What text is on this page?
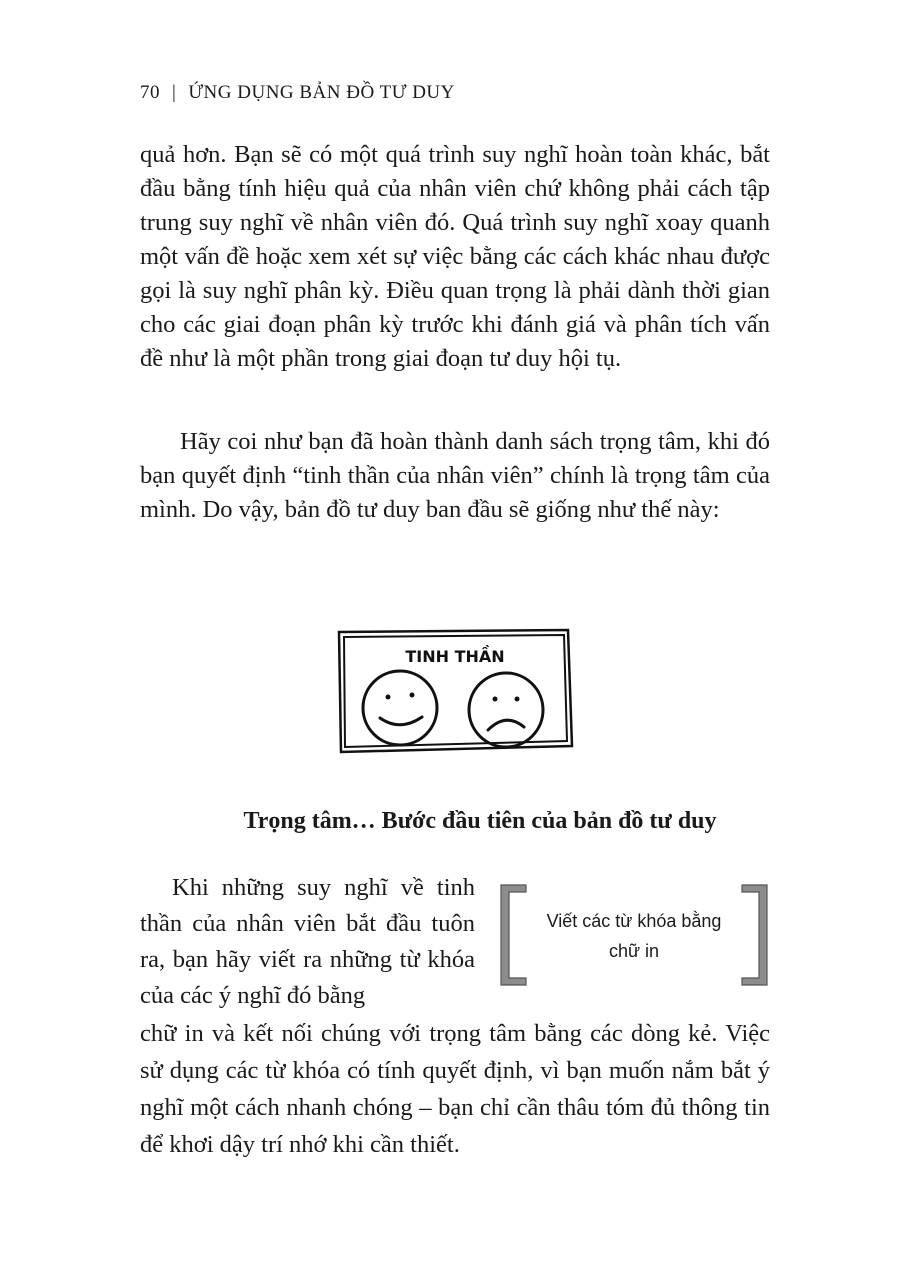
70 | ỨNG DỤNG BẢN ĐỒ TƯ DUY

quả hơn. Bạn sẽ có một quá trình suy nghĩ hoàn toàn khác, bắt đầu bằng tính hiệu quả của nhân viên chứ không phải cách tập trung suy nghĩ về nhân viên đó. Quá trình suy nghĩ xoay quanh một vấn đề hoặc xem xét sự việc bằng các cách khác nhau được gọi là suy nghĩ phân kỳ. Điều quan trọng là phải dành thời gian cho các giai đoạn phân kỳ trước khi đánh giá và phân tích vấn đề như là một phần trong giai đoạn tư duy hội tụ.

Hãy coi như bạn đã hoàn thành danh sách trọng tâm, khi đó bạn quyết định “tinh thần của nhân viên” chính là trọng tâm của mình. Do vậy, bản đồ tư duy ban đầu sẽ giống như thế này:

TINH THẦN
Trọng tâm… Bước đầu tiên của bản đồ tư duy

Khi những suy nghĩ về tinh thần của nhân viên bắt đầu tuôn ra, bạn hãy viết ra những từ khóa của các ý nghĩ đó bằng

Viết các từ khóa bằng
chữ in

chữ in và kết nối chúng với trọng tâm bằng các dòng kẻ. Việc sử dụng các từ khóa có tính quyết định, vì bạn muốn nắm bắt ý nghĩ một cách nhanh chóng – bạn chỉ cần thâu tóm đủ thông tin để khơi dậy trí nhớ khi cần thiết.
